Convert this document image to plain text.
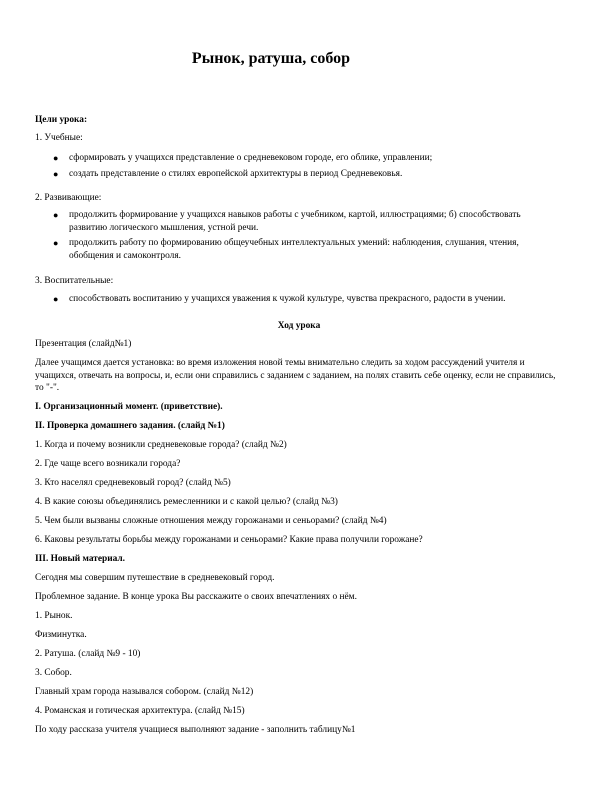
Рынок, ратуша, собор
Цели урока:
1. Учебные:
● сформировать у учащихся представление о средневековом городе, его облике, управлении;
● создать представление о стилях европейской архитектуры в период Средневековья.
2. Развивающие:
● продолжить формирование у учащихся навыков работы с учебником, картой, иллюстрациями; б) способствовать развитию логического мышления, устной речи.
● продолжить работу по формированию общеучебных интеллектуальных умений: наблюдения, слушания, чтения, обобщения и самоконтроля.
3. Воспитательные:
● способствовать воспитанию у учащихся уважения к чужой культуре, чувства прекрасного, радости в учении.
Ход урока
Презентация (слайд№1)
Далее учащимся дается установка: во время изложения новой темы внимательно следить за ходом рассуждений учителя и учащихся, отвечать на вопросы, и, если они справились с заданием с заданием, на полях ставить себе оценку, если не справились, то "-".
I. Организационный момент. (приветствие).
II. Проверка домашнего задания. (слайд №1)
1. Когда и почему возникли средневековые города? (слайд №2)
2. Где чаще всего возникали города?
3. Кто населял средневековый город? (слайд №5)
4. В какие союзы объединялись ремесленники и с какой целью? (слайд №3)
5. Чем были вызваны сложные отношения между горожанами и сеньорами? (слайд №4)
6. Каковы результаты борьбы между горожанами и сеньорами? Какие права получили горожане?
III. Новый материал.
Сегодня мы совершим путешествие в средневековый город.
Проблемное задание. В конце урока Вы расскажите о своих впечатлениях о нём.
1. Рынок.
Физминутка.
2. Ратуша. (слайд №9 - 10)
3. Собор.
Главный храм города назывался собором. (слайд №12)
4. Романская и готическая архитектура. (слайд №15)
По ходу рассказа учителя учащиеся выполняют задание - заполнить таблицу№1
